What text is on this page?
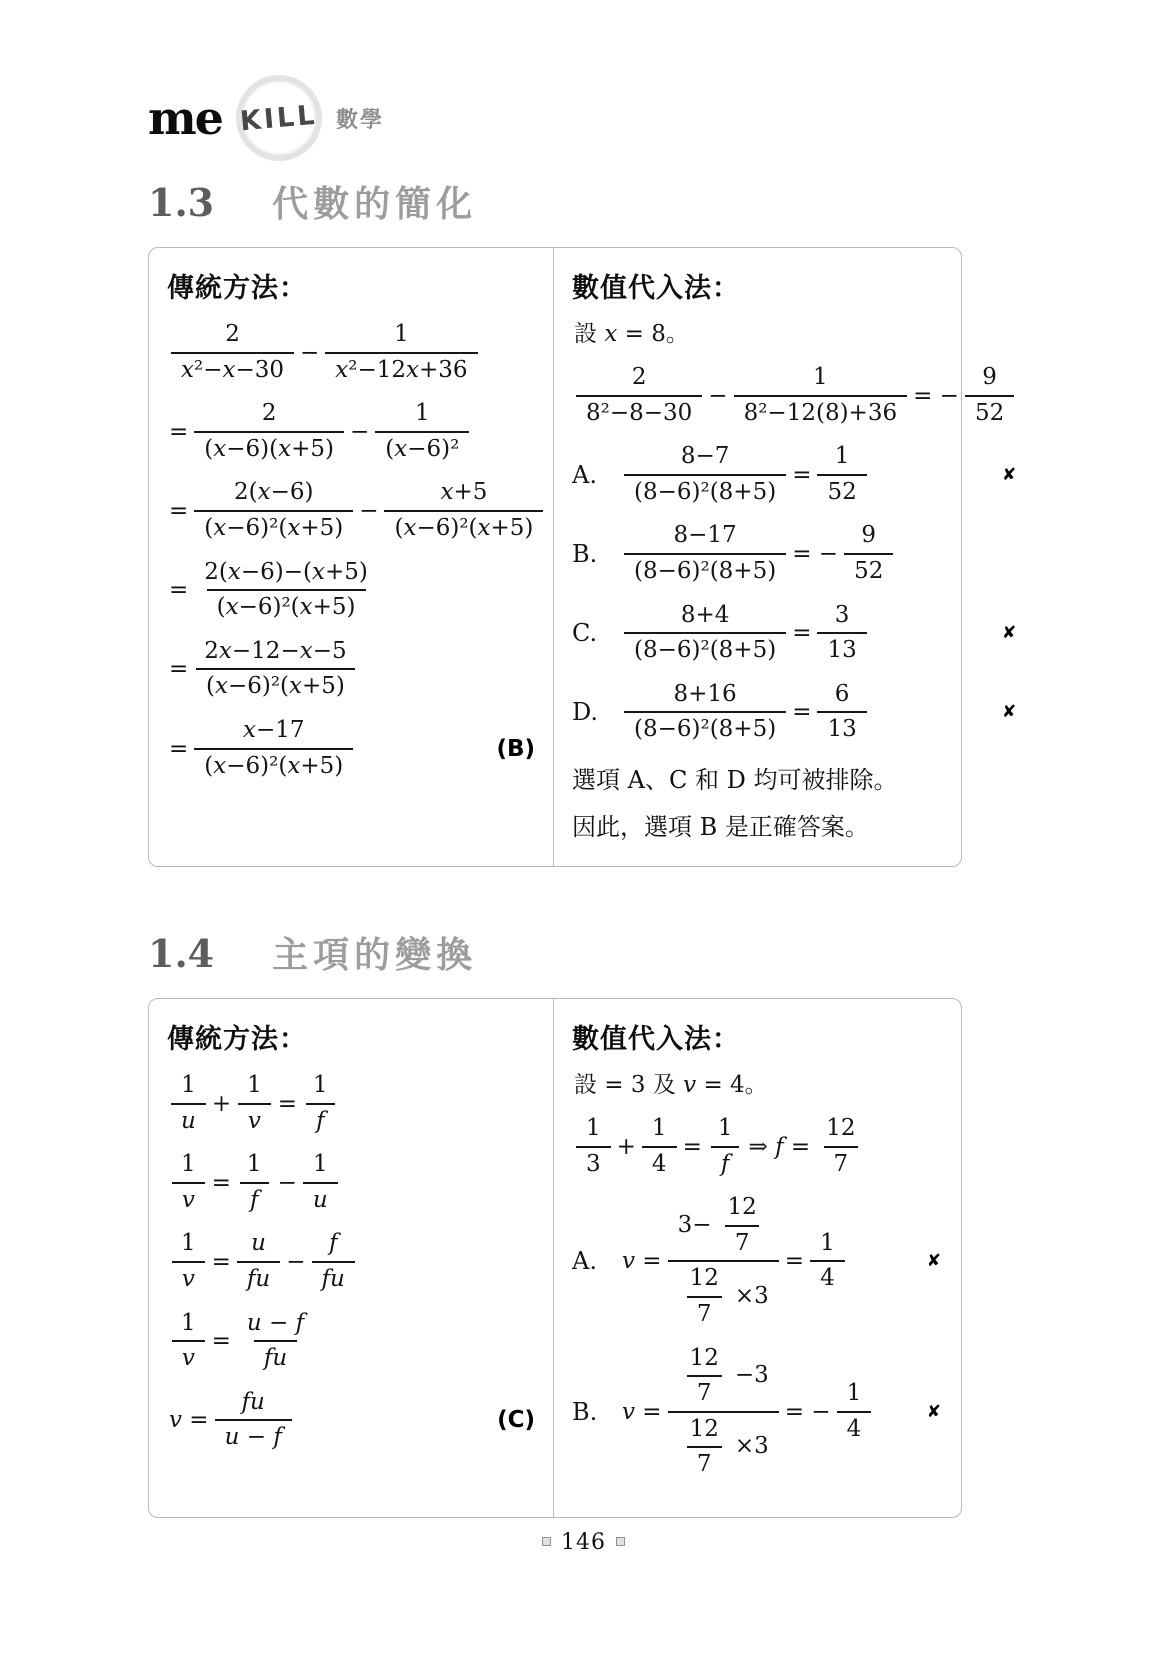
me KILL 數學
1.3 代數的簡化
傳統方法：
$\frac{2}{\text{x²−x−30}} - \frac{1}{\text{x²−12x+36}}$
= $\frac{2}{(x-6)(x+5)} - \frac{1}{\text{(x−6)²}}$
= $\frac{2(x-6)}{\text{(x−6)²(x+5)}} - \frac{x+5}{\text{(x−6)²(x+5)}}$
= $\frac{2(x-6)-(x+5)}{\text{(x−6)²(x+5)}}$
= $\frac{2x-12-x-5}{\text{(x−6)²(x+5)}}$
= $\frac{x-17}{\text{(x−6)²(x+5)}}$	(B)
數值代入法：
設 x = 8。
$\frac{2}{\text{8²−8−30}} - \frac{1}{\text{8²−12(8)+36}}$ = − $\frac{9}{52}$
A.	$\frac{8-7}{\text{(8−6)²(8+5)}} = \frac{1}{52}$	✘
B.	$\frac{8-17}{\text{(8−6)²(8+5)}}$ = − $\frac{9}{52}$
C.	$\frac{8+4}{\text{(8−6)²(8+5)}} = \frac{3}{13}$	✘
D.	$\frac{8+16}{\text{(8−6)²(8+5)}} = \frac{6}{13}$	✘

選項 A、C 和 D 均可被排除。

因此，選項 B 是正確答案。

1.4 主項的變換
傳統方法：
$\frac{1}{u} + \frac{1}{v} = \frac{1}{f}$
$\frac{1}{v} = \frac{1}{f} - \frac{1}{u}$
$\frac{1}{v} = \frac{u}{fu} - \frac{f}{fu}$
$\frac{1}{v} = \frac{u - f}{fu}$
$v = \frac{fu}{u - f}$	(C)
數值代入法：
設 = 3 及 v = 4。
$\frac{1}{3} + \frac{1}{4} = \frac{1}{f}$ ⇒ $f = \frac{12}{7}$
A.	$v = \frac{3- \frac{12}{7}}{\frac{12}{7} \times 3} = \frac{1}{4}$	✘
B.	$v = \frac{\frac{12}{7} -3}{\frac{12}{7} \times 3}$ = − $\frac{1}{4}$	✘
146
